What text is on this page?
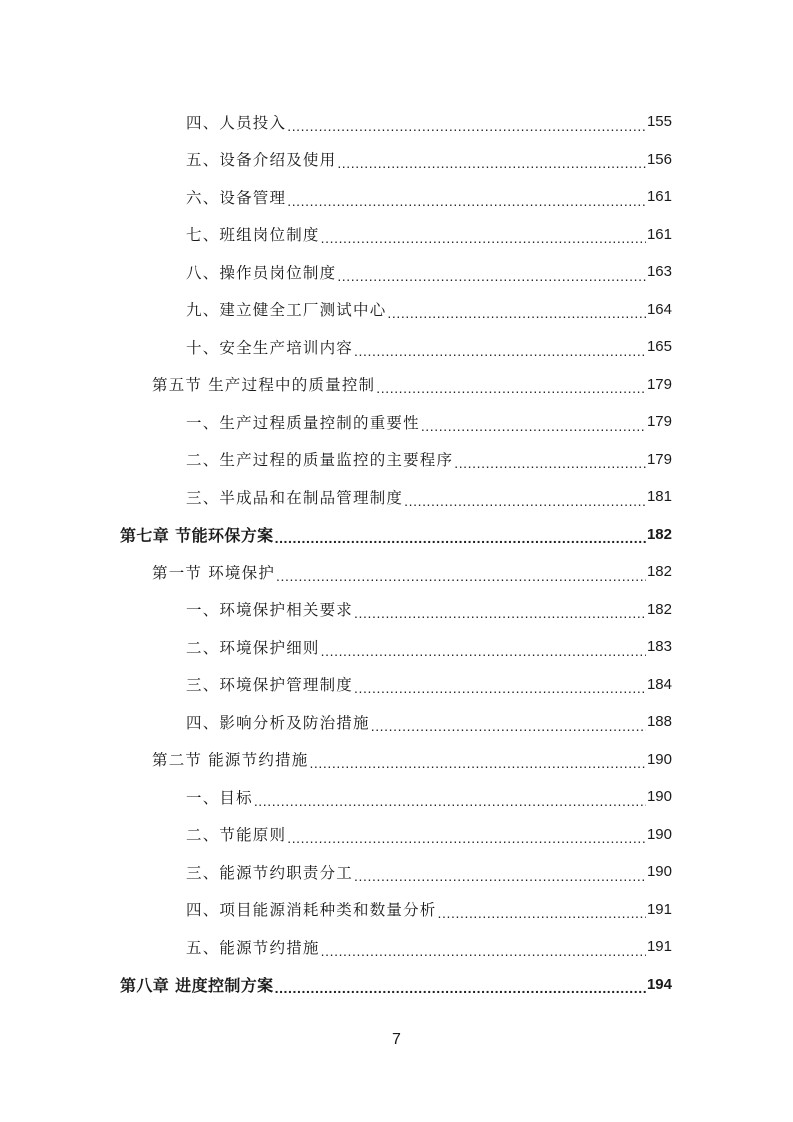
四、人员投入 .....	155
五、设备介绍及使用 .....	156
六、设备管理 .....	161
七、班组岗位制度 .....	161
八、操作员岗位制度 .....	163
九、建立健全工厂测试中心 .....	164
十、安全生产培训内容 .....	165
第五节 生产过程中的质量控制 .....	179
一、生产过程质量控制的重要性 .....	179
二、生产过程的质量监控的主要程序 .....	179
三、半成品和在制品管理制度 .....	181
第七章 节能环保方案 .....	182
第一节 环境保护 .....	182
一、环境保护相关要求 .....	182
二、环境保护细则 .....	183
三、环境保护管理制度 .....	184
四、影响分析及防治措施 .....	188
第二节 能源节约措施 .....	190
一、目标 .....	190
二、节能原则 .....	190
三、能源节约职责分工 .....	190
四、项目能源消耗种类和数量分析 .....	191
五、能源节约措施 .....	191
第八章 进度控制方案 .....	194
7
